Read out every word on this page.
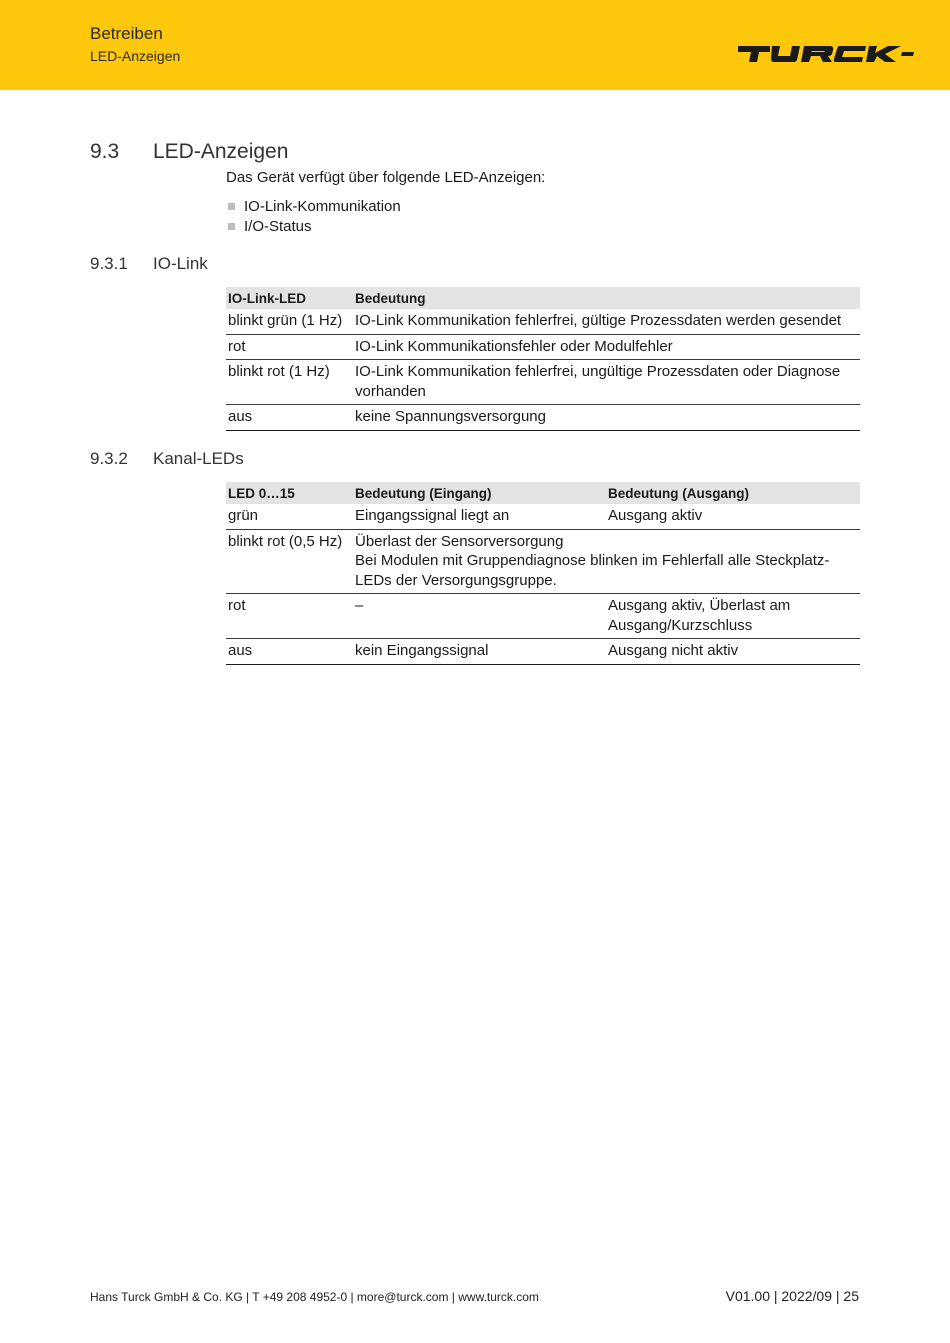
Betreiben
LED-Anzeigen
9.3 LED-Anzeigen
Das Gerät verfügt über folgende LED-Anzeigen:
IO-Link-Kommunikation
I/O-Status
9.3.1 IO-Link
IO-Link-LED	Bedeutung
blinkt grün (1 Hz)	IO-Link Kommunikation fehlerfrei, gültige Prozessdaten werden gesendet
rot	IO-Link Kommunikationsfehler oder Modulfehler
blinkt rot (1 Hz)	IO-Link Kommunikation fehlerfrei, ungültige Prozessdaten oder Diagnose vorhanden
aus	keine Spannungsversorgung
9.3.2 Kanal-LEDs
LED 0…15	Bedeutung (Eingang)	Bedeutung (Ausgang)
grün	Eingangssignal liegt an	Ausgang aktiv
blinkt rot (0,5 Hz)	Überlast der Sensorversorgung
Bei Modulen mit Gruppendiagnose blinken im Fehlerfall alle Steckplatz-LEDs der Versorgungsgruppe.	

rot	–	Ausgang aktiv, Überlast am Ausgang/Kurzschluss
aus	kein Eingangssignal	Ausgang nicht aktiv
Hans Turck GmbH & Co. KG | T +49 208 4952-0 | more@turck.com | www.turck.com	V01.00 | 2022/09 | 25
